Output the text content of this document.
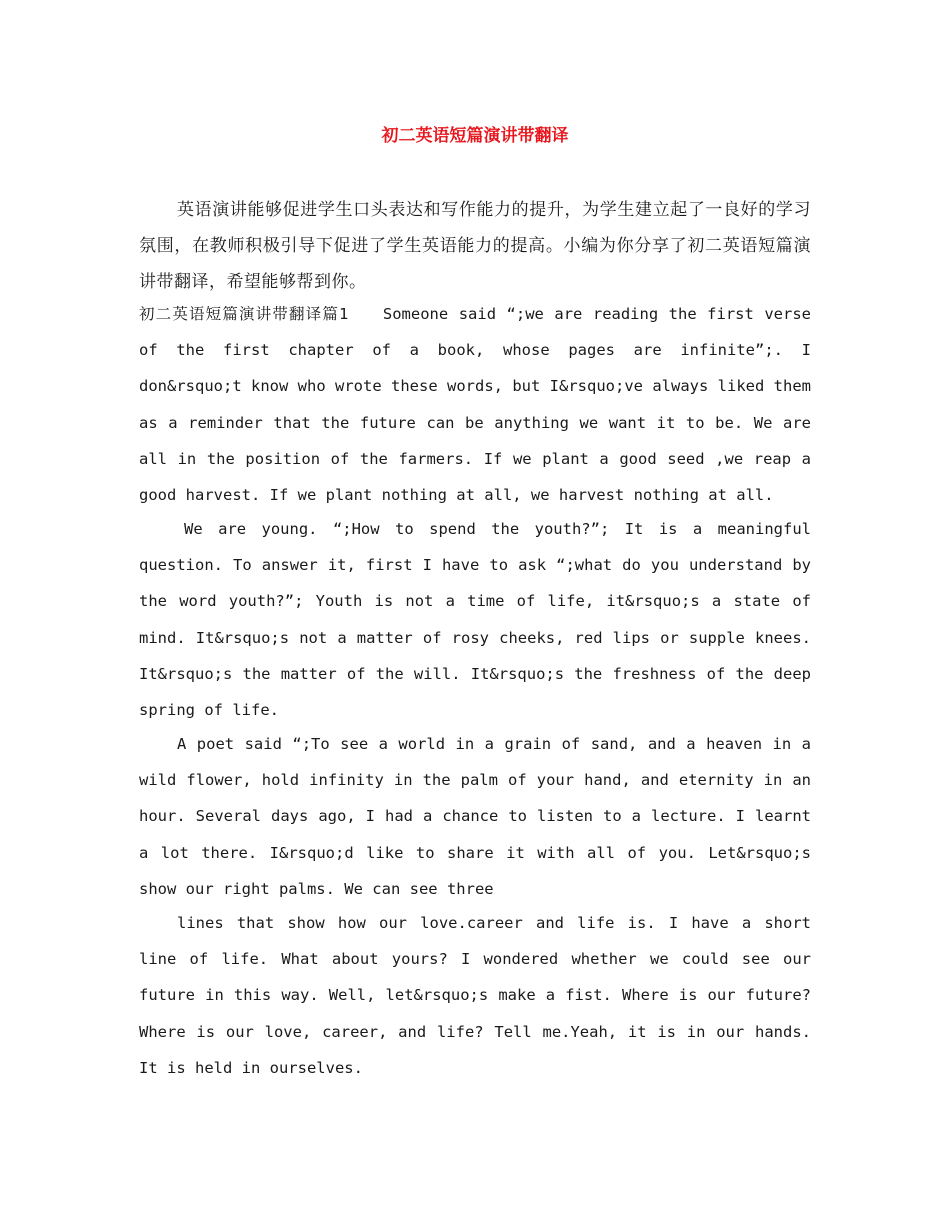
初二英语短篇演讲带翻译

英语演讲能够促进学生口头表达和写作能力的提升，为学生建立起了一良好的学习氛围，在教师积极引导下促进了学生英语能力的提高。小编为你分享了初二英语短篇演讲带翻译，希望能够帮到你。

初二英语短篇演讲带翻译篇1　　Someone said “;we are reading the first verse of the first chapter of a book, whose pages are infinite”;. I don&rsquo;t know who wrote these words, but I&rsquo;ve always liked them as a reminder that the future can be anything we want it to be. We are all in the position of the farmers. If we plant a good seed ,we reap a good harvest. If we plant nothing at all, we harvest nothing at all.

We are young. “;How to spend the youth?”; It is a meaningful question. To answer it, first I have to ask “;what do you understand by the word youth?”; Youth is not a time of life, it&rsquo;s a state of mind. It&rsquo;s not a matter of rosy cheeks, red lips or supple knees. It&rsquo;s the matter of the will. It&rsquo;s the freshness of the deep spring of life.

A poet said “;To see a world in a grain of sand, and a heaven in a wild flower, hold infinity in the palm of your hand, and eternity in an hour. Several days ago, I had a chance to listen to a lecture. I learnt a lot there. I&rsquo;d like to share it with all of you. Let&rsquo;s show our right palms. We can see three

lines that show how our love.career and life is. I have a short line of life. What about yours? I wondered whether we could see our future in this way. Well, let&rsquo;s make a fist. Where is our future? Where is our love, career, and life? Tell me.Yeah, it is in our hands. It is held in ourselves.
